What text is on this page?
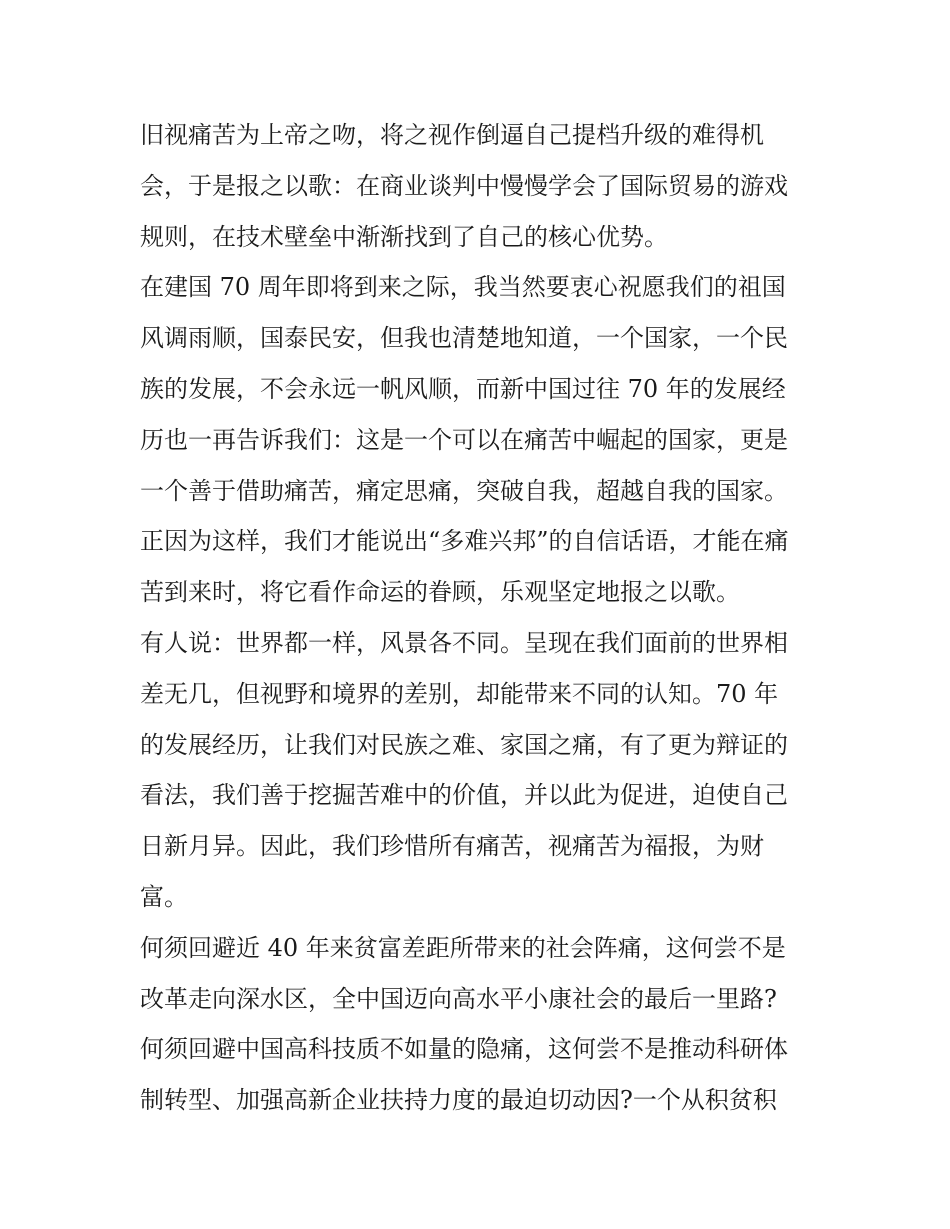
旧视痛苦为上帝之吻，将之视作倒逼自己提档升级的难得机
会，于是报之以歌：在商业谈判中慢慢学会了国际贸易的游戏
规则，在技术壁垒中渐渐找到了自己的核心优势。
在建国 70 周年即将到来之际，我当然要衷心祝愿我们的祖国
风调雨顺，国泰民安，但我也清楚地知道，一个国家，一个民
族的发展，不会永远一帆风顺，而新中国过往 70 年的发展经
历也一再告诉我们：这是一个可以在痛苦中崛起的国家，更是
一个善于借助痛苦，痛定思痛，突破自我，超越自我的国家。
正因为这样，我们才能说出“多难兴邦”的自信话语，才能在痛
苦到来时，将它看作命运的眷顾，乐观坚定地报之以歌。
有人说：世界都一样，风景各不同。呈现在我们面前的世界相
差无几，但视野和境界的差别，却能带来不同的认知。70 年
的发展经历，让我们对民族之难、家国之痛，有了更为辩证的
看法，我们善于挖掘苦难中的价值，并以此为促进，迫使自己
日新月异。因此，我们珍惜所有痛苦，视痛苦为福报，为财
富。
何须回避近 40 年来贫富差距所带来的社会阵痛，这何尝不是
改革走向深水区，全中国迈向高水平小康社会的最后一里路?
何须回避中国高科技质不如量的隐痛，这何尝不是推动科研体
制转型、加强高新企业扶持力度的最迫切动因?一个从积贫积
